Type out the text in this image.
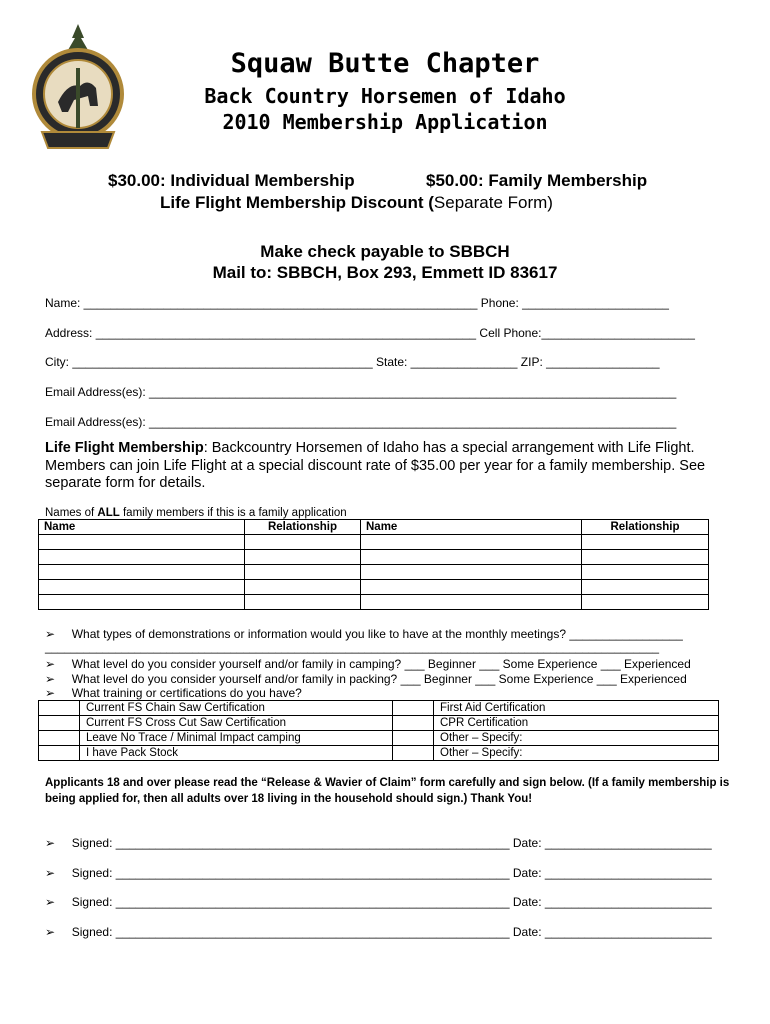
Squaw Butte Chapter
Back Country Horsemen of Idaho
2010 Membership Application
$30.00: Individual Membership	$50.00: Family Membership
Life Flight Membership Discount (Separate Form)
Make check payable to SBBCH
Mail to: SBBCH, Box 293, Emmett ID 83617
Name: ___________________________________________________________ Phone: ______________________
Address: _________________________________________________________ Cell Phone:_______________________
City: _____________________________________________ State: ________________ ZIP: _________________
Email Address(es): _______________________________________________________________________________
Email Address(es): _______________________________________________________________________________
Life Flight Membership: Backcountry Horsemen of Idaho has a special arrangement with Life Flight. Members can join Life Flight at a special discount rate of $35.00 per year for a family membership. See separate form for details.
Names of ALL family members if this is a family application
Name	Relationship	Name	Relationship

➢ What types of demonstrations or information would you like to have at the monthly meetings? _________________
________________________________________________________________________________________________
➢ What level do you consider yourself and/or family in camping? ___ Beginner ___ Some Experience ___ Experienced
➢ What level do you consider yourself and/or family in packing? ___ Beginner ___ Some Experience ___ Experienced
➢ What training or certifications do you have?
	Current FS Chain Saw Certification		First Aid Certification
	Current FS Cross Cut Saw Certification		CPR Certification
	Leave No Trace / Minimal Impact camping		Other – Specify:
	I have Pack Stock		Other – Specify:
Applicants 18 and over please read the “Release & Wavier of Claim” form carefully and sign below. (If a family membership is being applied for, then all adults over 18 living in the household should sign.) Thank You!
➢ Signed: ___________________________________________________________ Date: _________________________
➢ Signed: ___________________________________________________________ Date: _________________________
➢ Signed: ___________________________________________________________ Date: _________________________
➢ Signed: ___________________________________________________________ Date: _________________________
